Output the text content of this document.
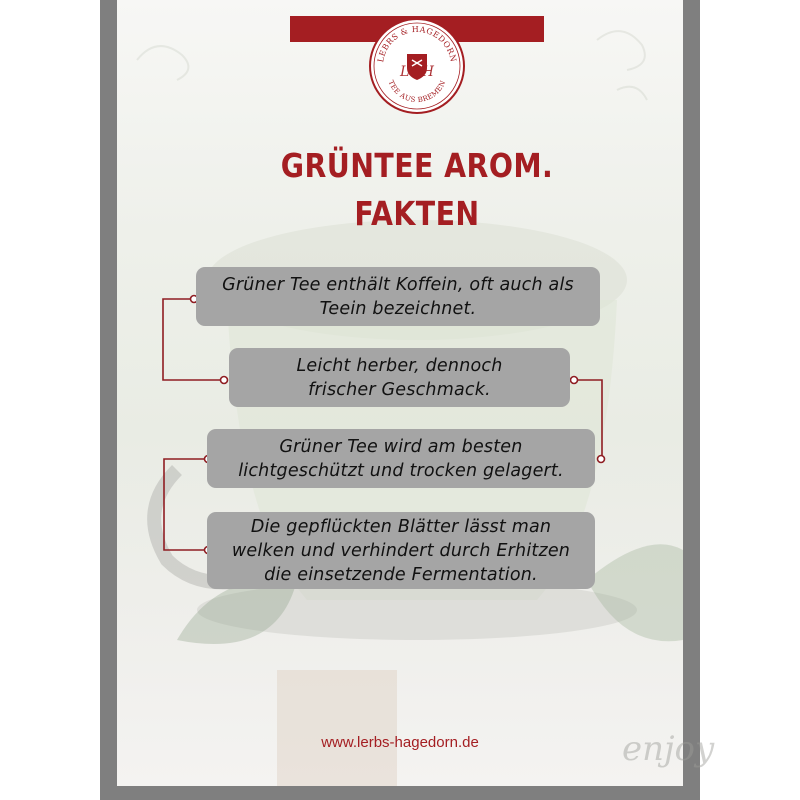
enjoy
LEBRS & HAGEDORN
TEE AUS BREMEN
L&H
GRÜNTEE AROM.
FAKTEN
Grüner Tee enthält Koffein, oft auch als
Teein bezeichnet.
Leicht herber, dennoch
frischer Geschmack.
Grüner Tee wird am besten
lichtgeschützt und trocken gelagert.
Die gepflückten Blätter lässt man
welken und verhindert durch Erhitzen
die einsetzende Fermentation.
www.lerbs-hagedorn.de
